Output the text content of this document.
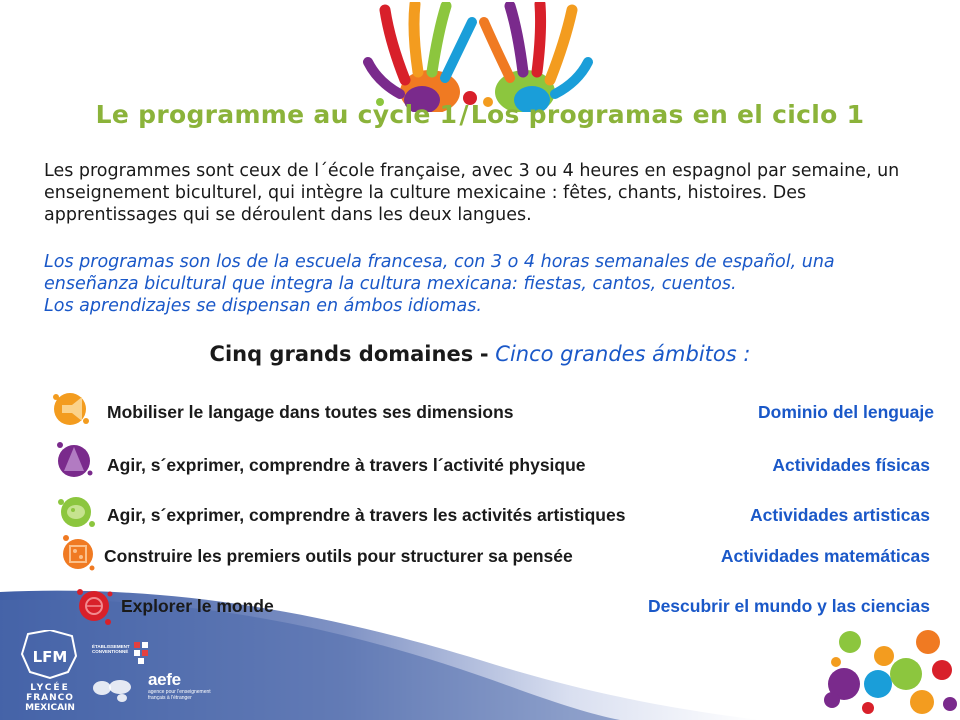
Le programme au cycle 1/Los programas en el ciclo 1
Les programmes sont ceux de l´école française, avec 3 ou 4 heures en espagnol par semaine, un enseignement biculturel, qui intègre la culture mexicaine : fêtes, chants, histoires. Des apprentissages qui se déroulent dans les deux langues.
Los programas son los de la escuela francesa, con 3 o 4 horas semanales de español, una enseñanza bicultural que integra la cultura mexicana: fiestas, cantos, cuentos.
Los aprendizajes se dispensan en ámbos idiomas.
Cinq grands domaines - Cinco grandes ámbitos :
Mobiliser le langage dans toutes ses dimensions	Dominio del lenguaje
Agir, s´exprimer, comprendre à travers l´activité physique	Actividades físicas
Agir, s´exprimer, comprendre à travers les activités artistiques	Actividades artisticas
Construire les premiers outils pour structurer sa pensée	Actividades matemáticas
Explorer le monde	Descubrir el mundo y las ciencias
LFM
LYCÉE
FRANCO
MEXICAIN
ÉTABLISSEMENT CONVENTIONNÉ
aefe
agence pour l'enseignement français à l'étranger
